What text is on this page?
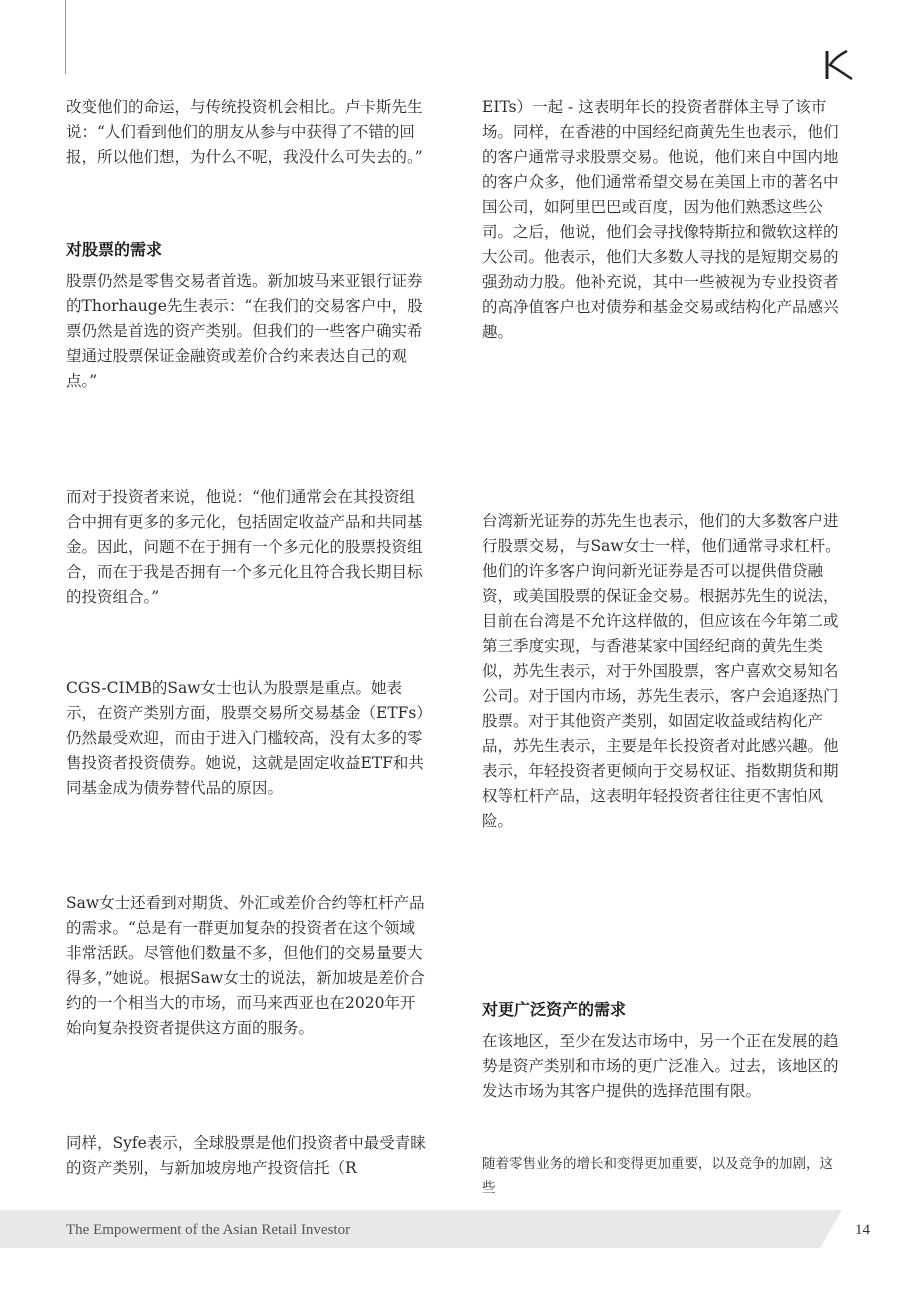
改变他们的命运，与传统投资机会相比。卢卡斯先生说：“人们看到他们的朋友从参与中获得了不错的回报，所以他们想，为什么不呢，我没什么可失去的。”

对股票的需求

股票仍然是零售交易者首选。新加坡马来亚银行证券的Thorhauge先生表示：“在我们的交易客户中，股票仍然是首选的资产类别。但我们的一些客户确实希望通过股票保证金融资或差价合约来表达自己的观点。”

而对于投资者来说，他说：“他们通常会在其投资组合中拥有更多的多元化，包括固定收益产品和共同基金。因此，问题不在于拥有一个多元化的股票投资组合，而在于我是否拥有一个多元化且符合我长期目标的投资组合。”

CGS-CIMB的Saw女士也认为股票是重点。她表示，在资产类别方面，股票交易所交易基金（ETFs）仍然最受欢迎，而由于进入门槛较高，没有太多的零售投资者投资债券。她说，这就是固定收益ETF和共同基金成为债券替代品的原因。

Saw女士还看到对期货、外汇或差价合约等杠杆产品的需求。“总是有一群更加复杂的投资者在这个领域非常活跃。尽管他们数量不多，但他们的交易量要大得多，”她说。根据Saw女士的说法，新加坡是差价合约的一个相当大的市场，而马来西亚也在2020年开始向复杂投资者提供这方面的服务。

同样，Syfe表示，全球股票是他们投资者中最受青睐的资产类别，与新加坡房地产投资信托（R

EITs）一起 - 这表明年长的投资者群体主导了该市场。同样，在香港的中国经纪商黄先生也表示，他们的客户通常寻求股票交易。他说，他们来自中国内地的客户众多，他们通常希望交易在美国上市的著名中国公司，如阿里巴巴或百度，因为他们熟悉这些公司。之后，他说，他们会寻找像特斯拉和微软这样的大公司。他表示，他们大多数人寻找的是短期交易的强劲动力股。他补充说，其中一些被视为专业投资者的高净值客户也对债券和基金交易或结构化产品感兴趣。

台湾新光证券的苏先生也表示，他们的大多数客户进行股票交易，与Saw女士一样，他们通常寻求杠杆。他们的许多客户询问新光证券是否可以提供借贷融资，或美国股票的保证金交易。根据苏先生的说法，目前在台湾是不允许这样做的，但应该在今年第二或第三季度实现，与香港某家中国经纪商的黄先生类似，苏先生表示，对于外国股票，客户喜欢交易知名公司。对于国内市场，苏先生表示，客户会追逐热门股票。对于其他资产类别，如固定收益或结构化产品，苏先生表示，主要是年长投资者对此感兴趣。他表示，年轻投资者更倾向于交易权证、指数期货和期权等杠杆产品，这表明年轻投资者往往更不害怕风险。

对更广泛资产的需求

在该地区，至少在发达市场中，另一个正在发展的趋势是资产类别和市场的更广泛准入。过去，该地区的发达市场为其客户提供的选择范围有限。

随着零售业务的增长和变得更加重要，以及竞争的加剧，这些

The Empowerment of the Asian Retail Investor	14
